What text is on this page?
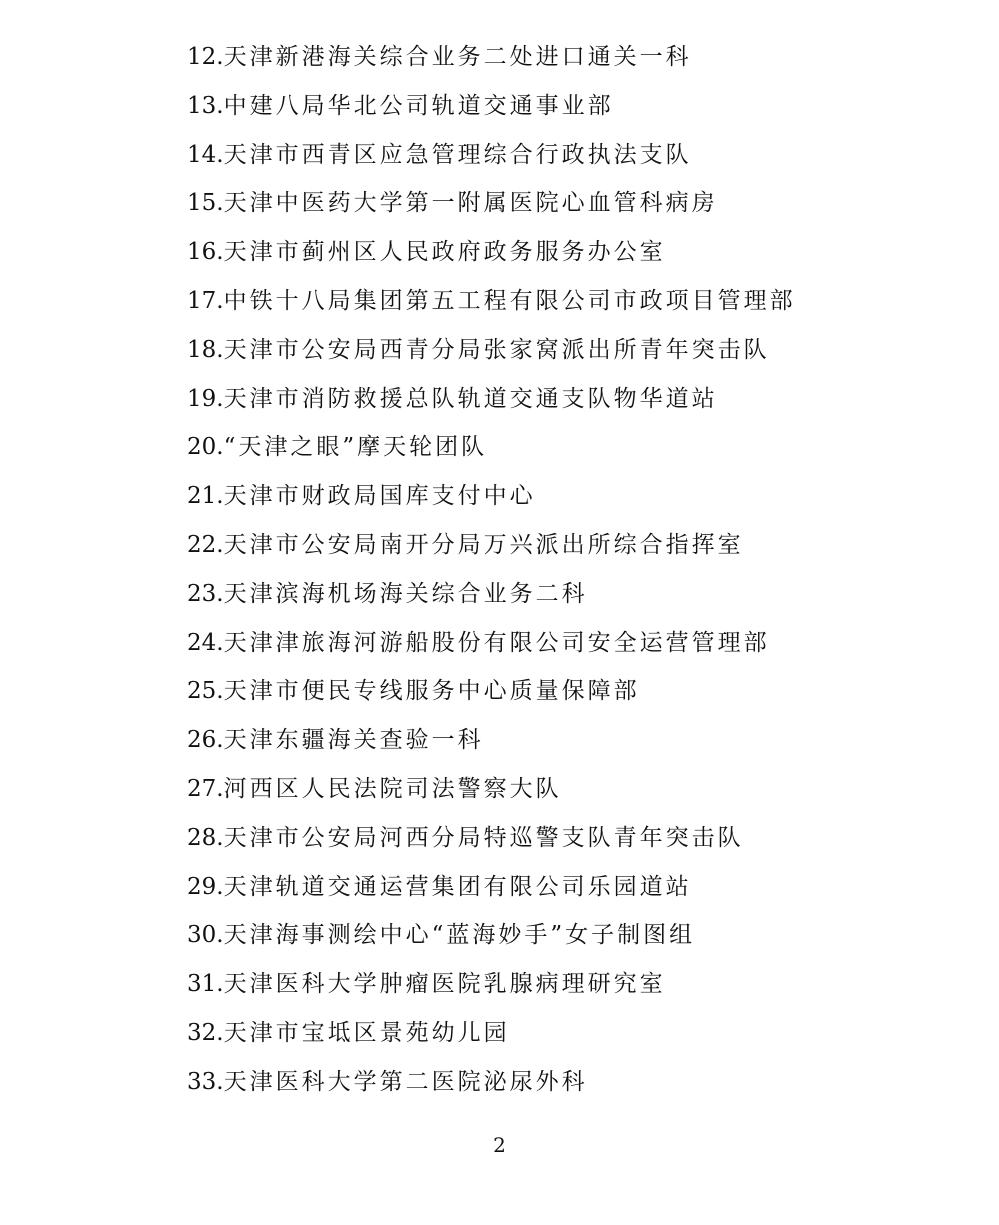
12.天津新港海关综合业务二处进口通关一科
13.中建八局华北公司轨道交通事业部
14.天津市西青区应急管理综合行政执法支队
15.天津中医药大学第一附属医院心血管科病房
16.天津市蓟州区人民政府政务服务办公室
17.中铁十八局集团第五工程有限公司市政项目管理部
18.天津市公安局西青分局张家窝派出所青年突击队
19.天津市消防救援总队轨道交通支队物华道站
20.“天津之眼”摩天轮团队
21.天津市财政局国库支付中心
22.天津市公安局南开分局万兴派出所综合指挥室
23.天津滨海机场海关综合业务二科
24.天津津旅海河游船股份有限公司安全运营管理部
25.天津市便民专线服务中心质量保障部
26.天津东疆海关查验一科
27.河西区人民法院司法警察大队
28.天津市公安局河西分局特巡警支队青年突击队
29.天津轨道交通运营集团有限公司乐园道站
30.天津海事测绘中心“蓝海妙手”女子制图组
31.天津医科大学肿瘤医院乳腺病理研究室
32.天津市宝坻区景苑幼儿园
33.天津医科大学第二医院泌尿外科
2
